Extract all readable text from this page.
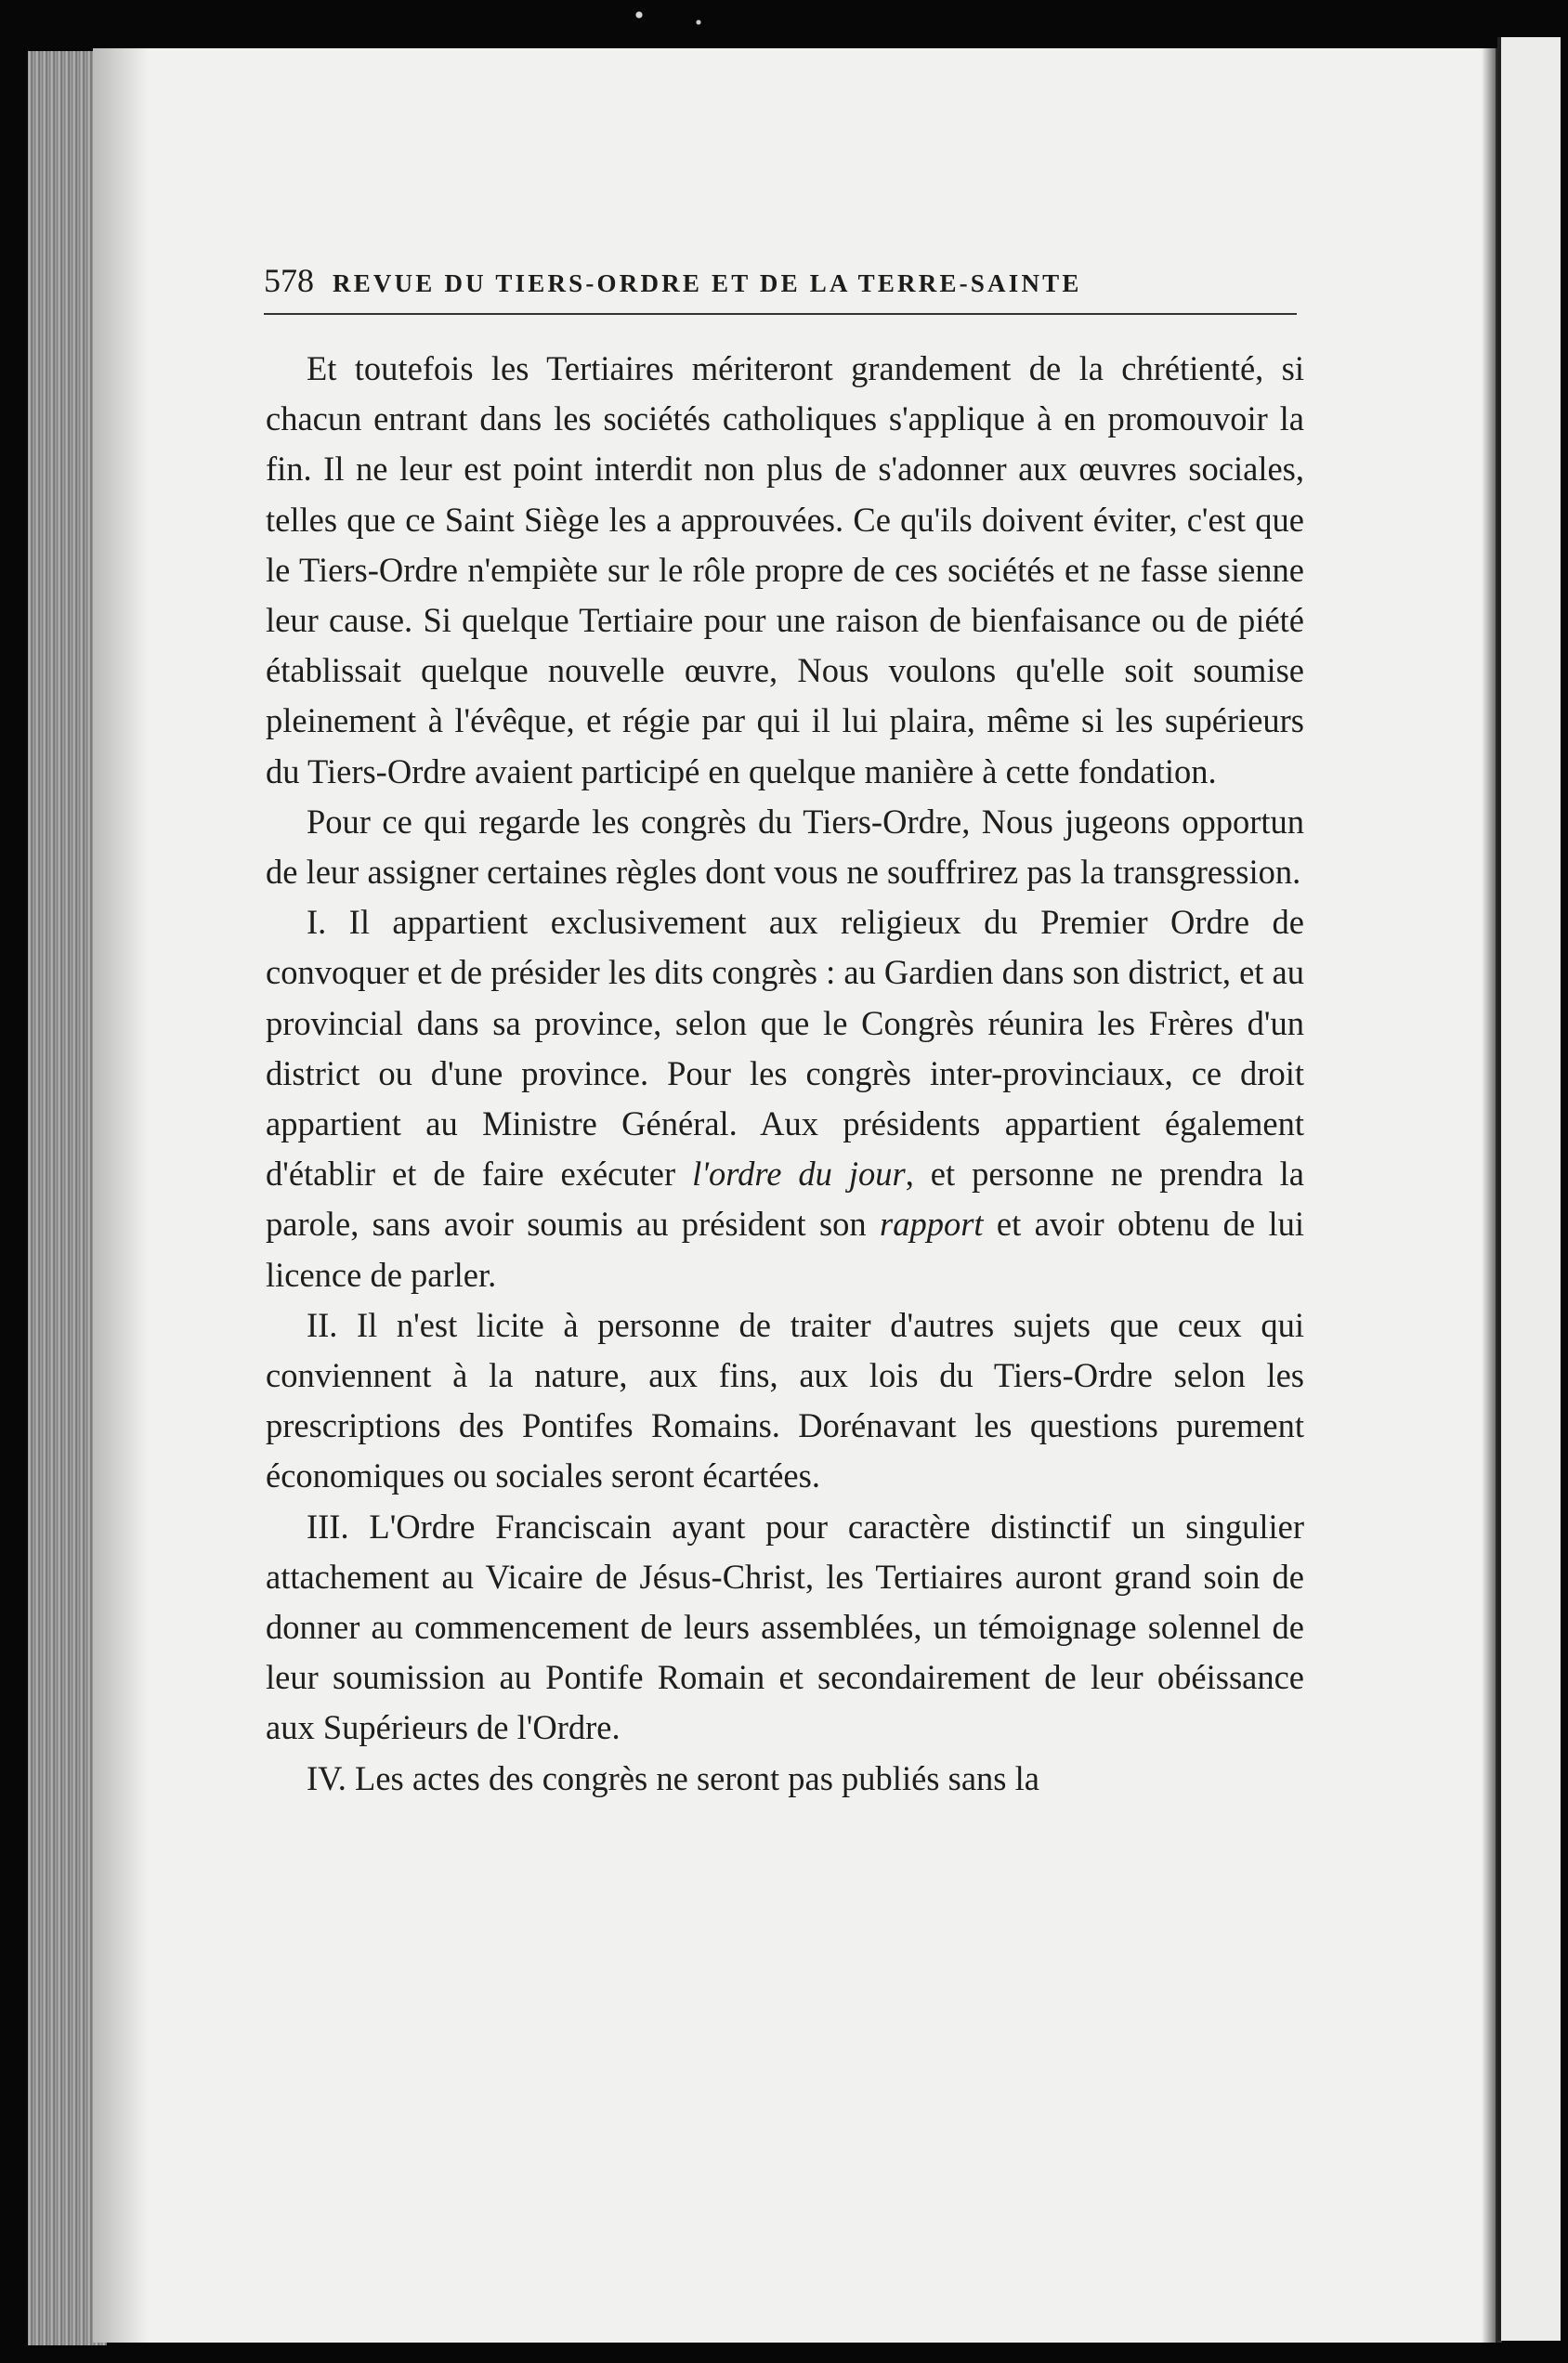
578 REVUE DU TIERS-ORDRE ET DE LA TERRE-SAINTE

Et toutefois les Tertiaires mériteront grandement de la chrétienté, si chacun entrant dans les sociétés catholiques s'applique à en promouvoir la fin. Il ne leur est point interdit non plus de s'adonner aux œuvres sociales, telles que ce Saint Siège les a approuvées. Ce qu'ils doivent éviter, c'est que le Tiers-Ordre n'empiète sur le rôle propre de ces sociétés et ne fasse sienne leur cause. Si quelque Tertiaire pour une raison de bienfaisance ou de piété établissait quelque nouvelle œuvre, Nous voulons qu'elle soit soumise pleinement à l'évêque, et régie par qui il lui plaira, même si les supérieurs du Tiers-Ordre avaient participé en quelque manière à cette fondation.

Pour ce qui regarde les congrès du Tiers-Ordre, Nous jugeons opportun de leur assigner certaines règles dont vous ne souffrirez pas la transgression.

I. Il appartient exclusivement aux religieux du Premier Ordre de convoquer et de présider les dits congrès : au Gardien dans son district, et au provincial dans sa province, selon que le Congrès réunira les Frères d'un district ou d'une province. Pour les congrès inter-provinciaux, ce droit appartient au Ministre Général. Aux présidents appartient également d'établir et de faire exécuter l'ordre du jour, et personne ne prendra la parole, sans avoir soumis au président son rapport et avoir obtenu de lui licence de parler.

II. Il n'est licite à personne de traiter d'autres sujets que ceux qui conviennent à la nature, aux fins, aux lois du Tiers-Ordre selon les prescriptions des Pontifes Romains. Dorénavant les questions purement économiques ou sociales seront écartées.

III. L'Ordre Franciscain ayant pour caractère distinctif un singulier attachement au Vicaire de Jésus-Christ, les Tertiaires auront grand soin de donner au commencement de leurs assemblées, un témoignage solennel de leur soumission au Pontife Romain et secondairement de leur obéissance aux Supérieurs de l'Ordre.

IV. Les actes des congrès ne seront pas publiés sans la
